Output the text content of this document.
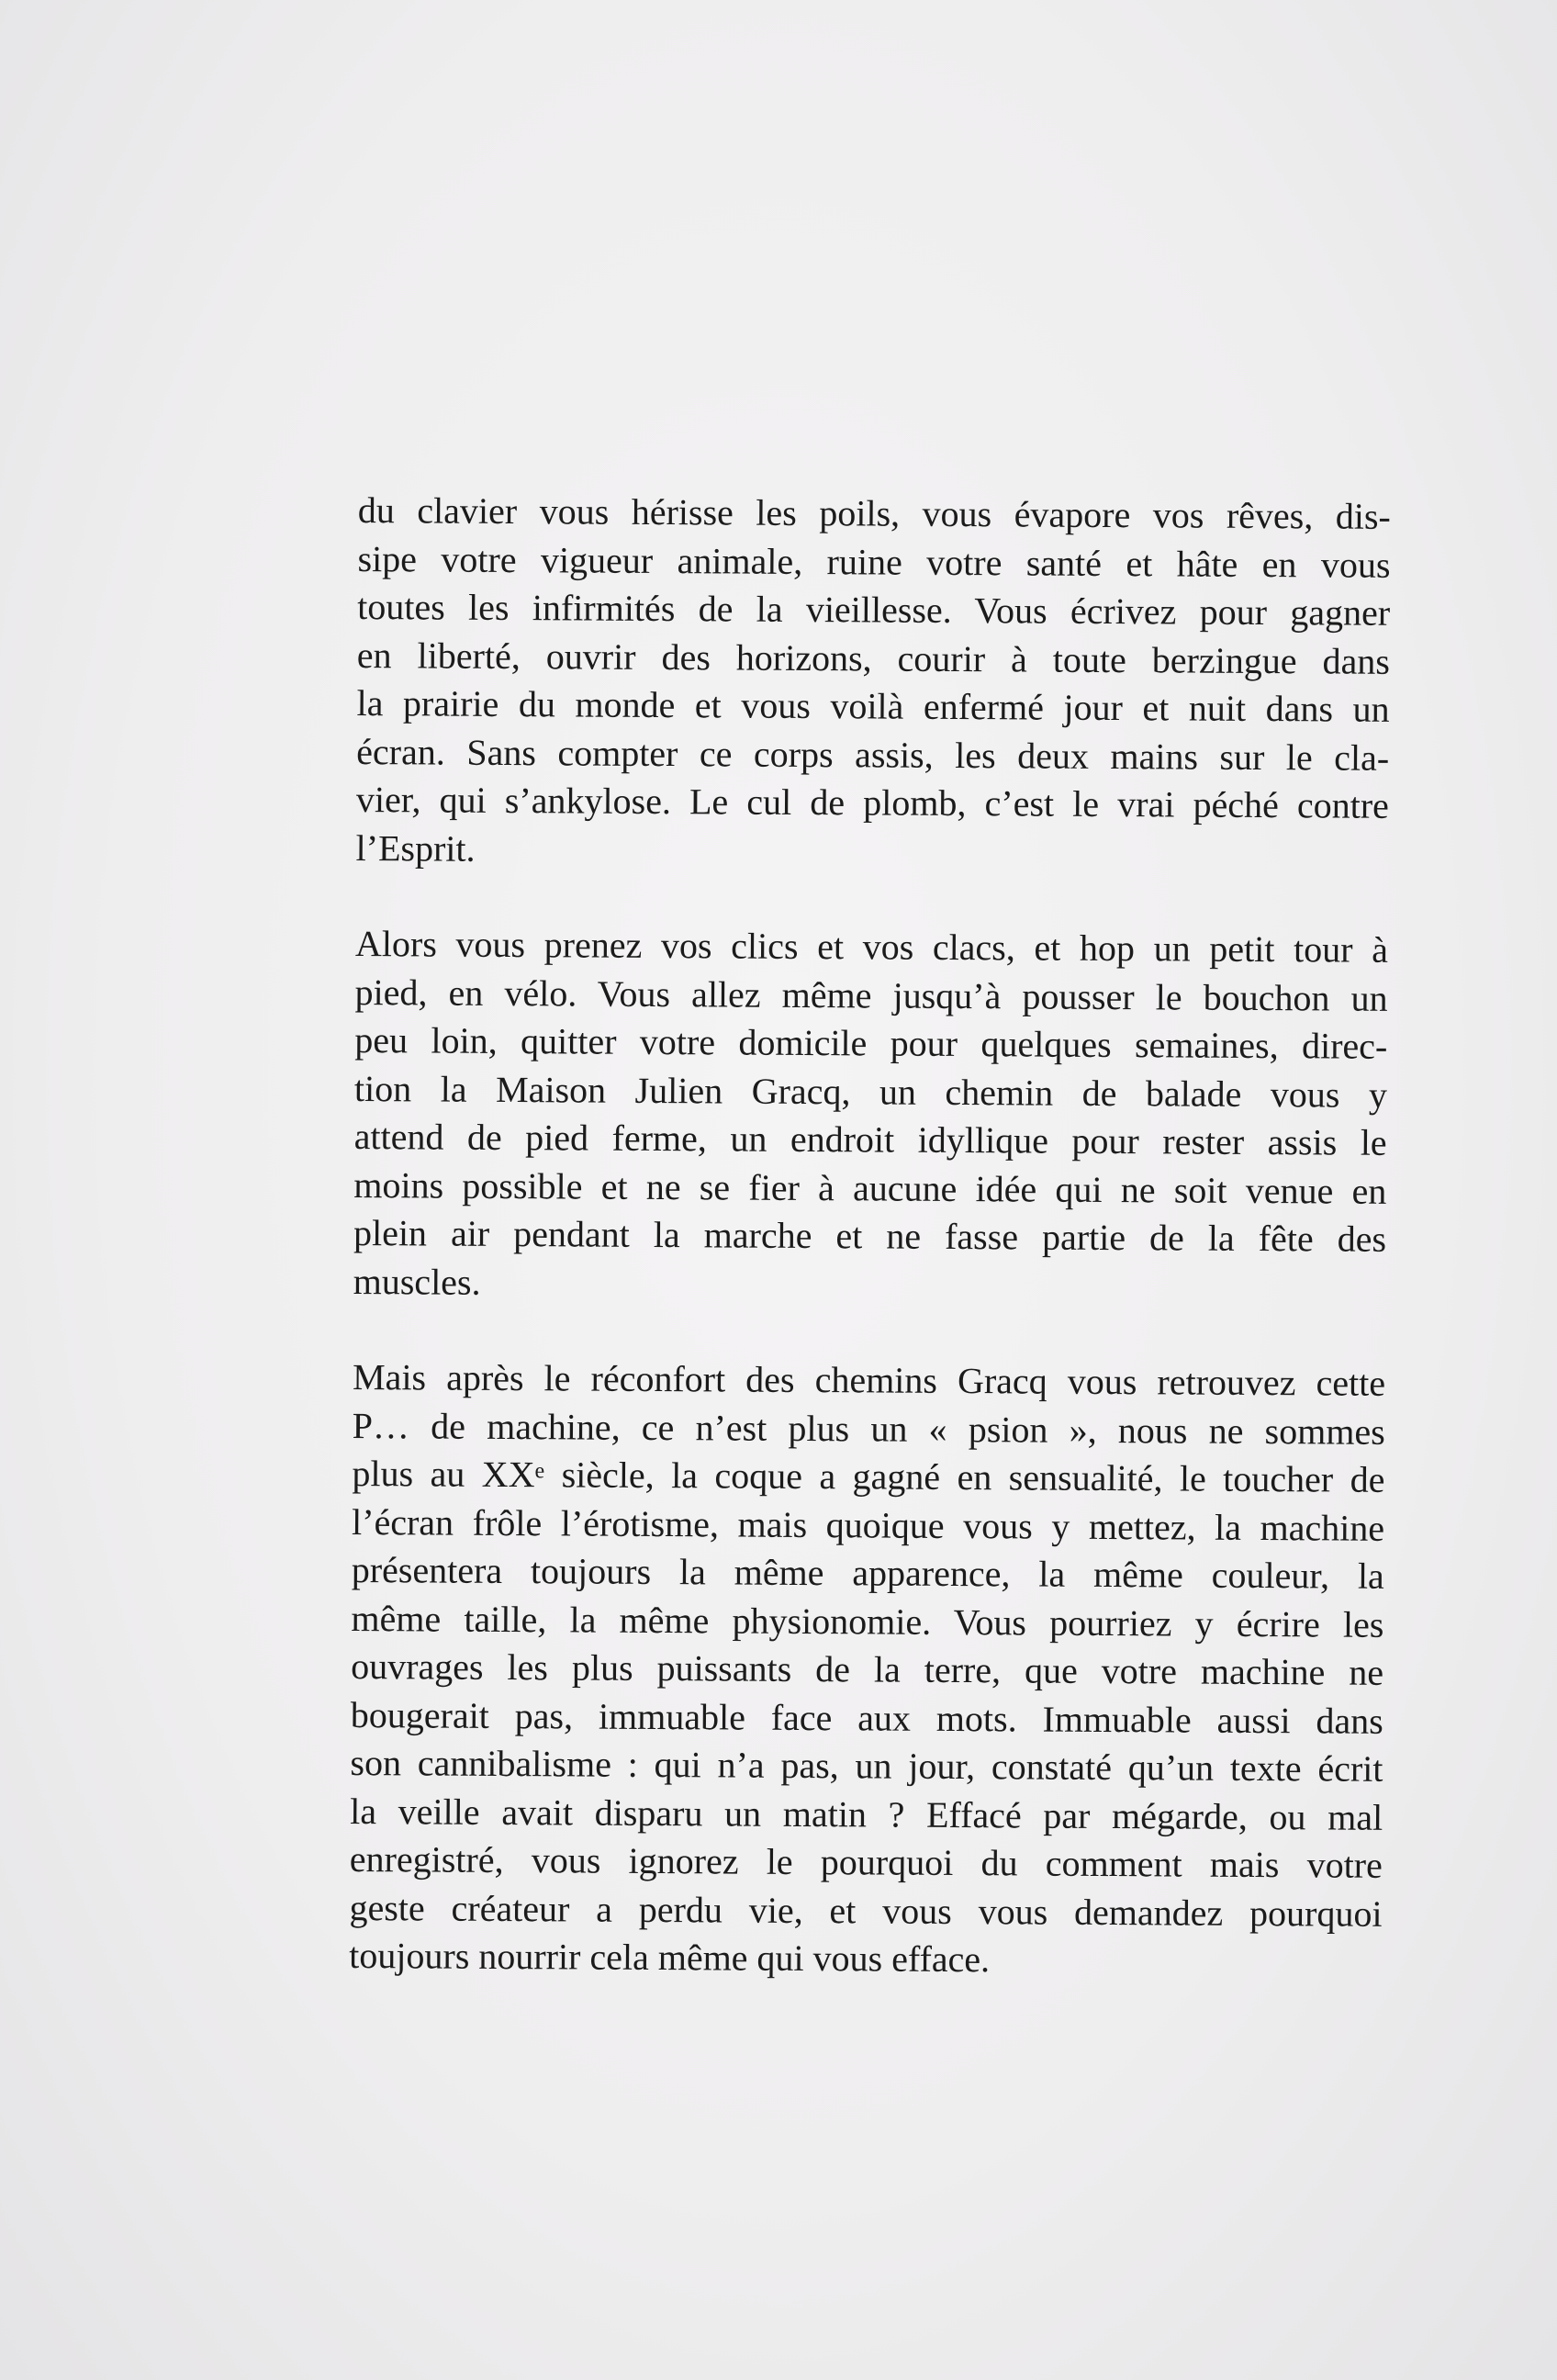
du clavier vous hérisse les poils, vous évapore vos rêves, dis-
sipe votre vigueur animale, ruine votre santé et hâte en vous
toutes les infirmités de la vieillesse. Vous écrivez pour gagner
en liberté, ouvrir des horizons, courir à toute berzingue dans
la prairie du monde et vous voilà enfermé jour et nuit dans un
écran. Sans compter ce corps assis, les deux mains sur le cla-
vier, qui s’ankylose. Le cul de plomb, c’est le vrai péché contre
l’Esprit.
Alors vous prenez vos clics et vos clacs, et hop un petit tour à
pied, en vélo. Vous allez même jusqu’à pousser le bouchon un
peu loin, quitter votre domicile pour quelques semaines, direc-
tion la Maison Julien Gracq, un chemin de balade vous y
attend de pied ferme, un endroit idyllique pour rester assis le
moins possible et ne se fier à aucune idée qui ne soit venue en
plein air pendant la marche et ne fasse partie de la fête des
muscles.
Mais après le réconfort des chemins Gracq vous retrouvez cette
P… de machine, ce n’est plus un « psion », nous ne sommes
plus au XXe siècle, la coque a gagné en sensualité, le toucher de
l’écran frôle l’érotisme, mais quoique vous y mettez, la machine
présentera toujours la même apparence, la même couleur, la
même taille, la même physionomie. Vous pourriez y écrire les
ouvrages les plus puissants de la terre, que votre machine ne
bougerait pas, immuable face aux mots. Immuable aussi dans
son cannibalisme : qui n’a pas, un jour, constaté qu’un texte écrit
la veille avait disparu un matin ? Effacé par mégarde, ou mal
enregistré, vous ignorez le pourquoi du comment mais votre
geste créateur a perdu vie, et vous vous demandez pourquoi
toujours nourrir cela même qui vous efface.
